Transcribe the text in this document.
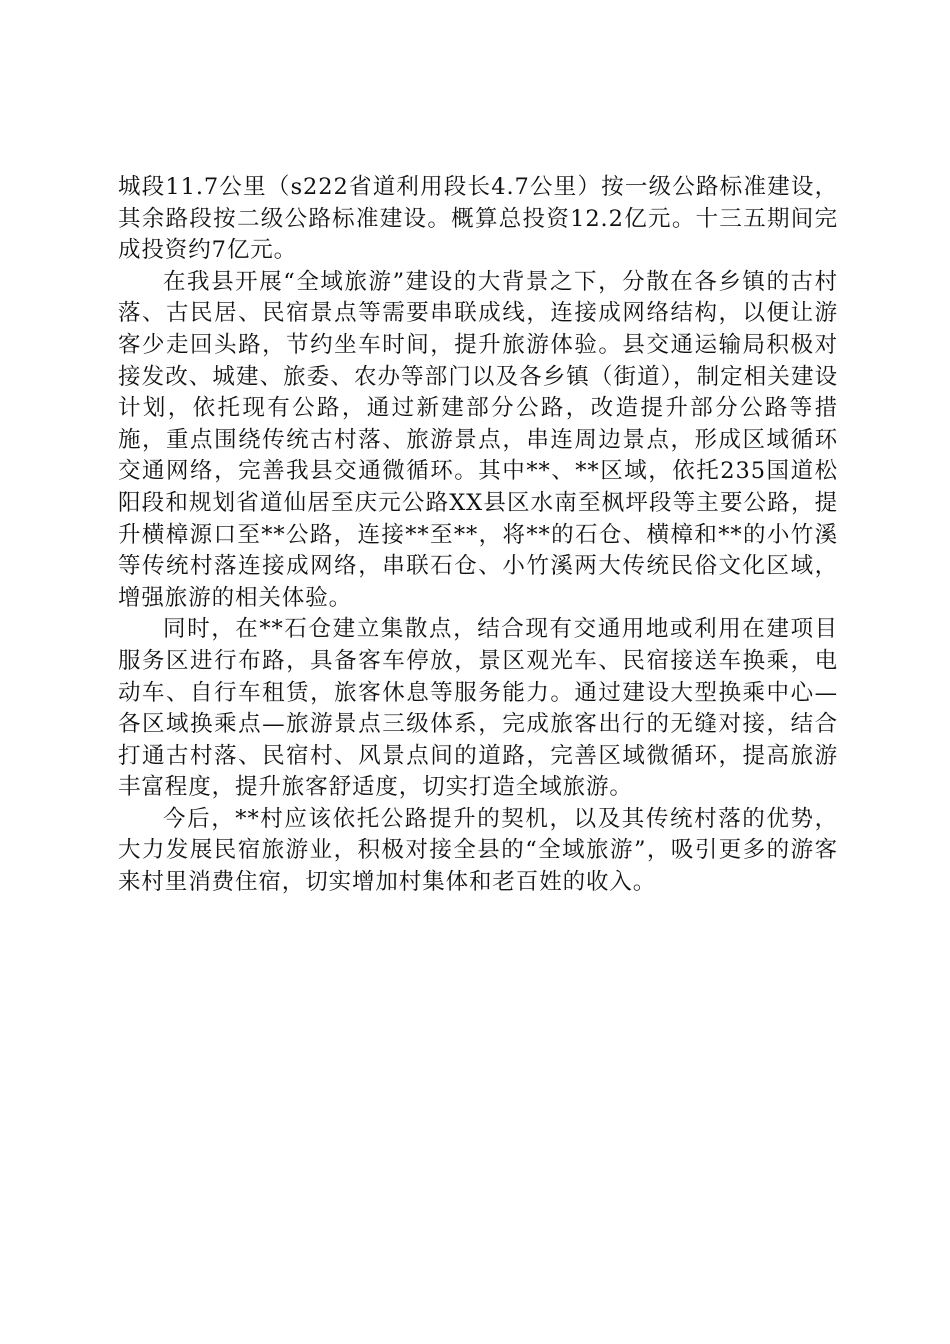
城段11.7公里（s222省道利用段长4.7公里）按一级公路标准建设，其余路段按二级公路标准建设。概算总投资12.2亿元。十三五期间完成投资约7亿元。

在我县开展“全域旅游”建设的大背景之下，分散在各乡镇的古村落、古民居、民宿景点等需要串联成线，连接成网络结构，以便让游客少走回头路，节约坐车时间，提升旅游体验。县交通运输局积极对接发改、城建、旅委、农办等部门以及各乡镇（街道），制定相关建设计划，依托现有公路，通过新建部分公路，改造提升部分公路等措施，重点围绕传统古村落、旅游景点，串连周边景点，形成区域循环交通网络，完善我县交通微循环。其中**、**区域，依托235国道松阳段和规划省道仙居至庆元公路XX县区水南至枫坪段等主要公路，提升横樟源口至**公路，连接**至**，将**的石仓、横樟和**的小竹溪等传统村落连接成网络，串联石仓、小竹溪两大传统民俗文化区域，增强旅游的相关体验。

同时，在**石仓建立集散点，结合现有交通用地或利用在建项目服务区进行布路，具备客车停放，景区观光车、民宿接送车换乘，电动车、自行车租赁，旅客休息等服务能力。通过建设大型换乘中心—各区域换乘点—旅游景点三级体系，完成旅客出行的无缝对接，结合打通古村落、民宿村、风景点间的道路，完善区域微循环，提高旅游丰富程度，提升旅客舒适度，切实打造全域旅游。

今后，**村应该依托公路提升的契机，以及其传统村落的优势，大力发展民宿旅游业，积极对接全县的“全域旅游”，吸引更多的游客来村里消费住宿，切实增加村集体和老百姓的收入。
